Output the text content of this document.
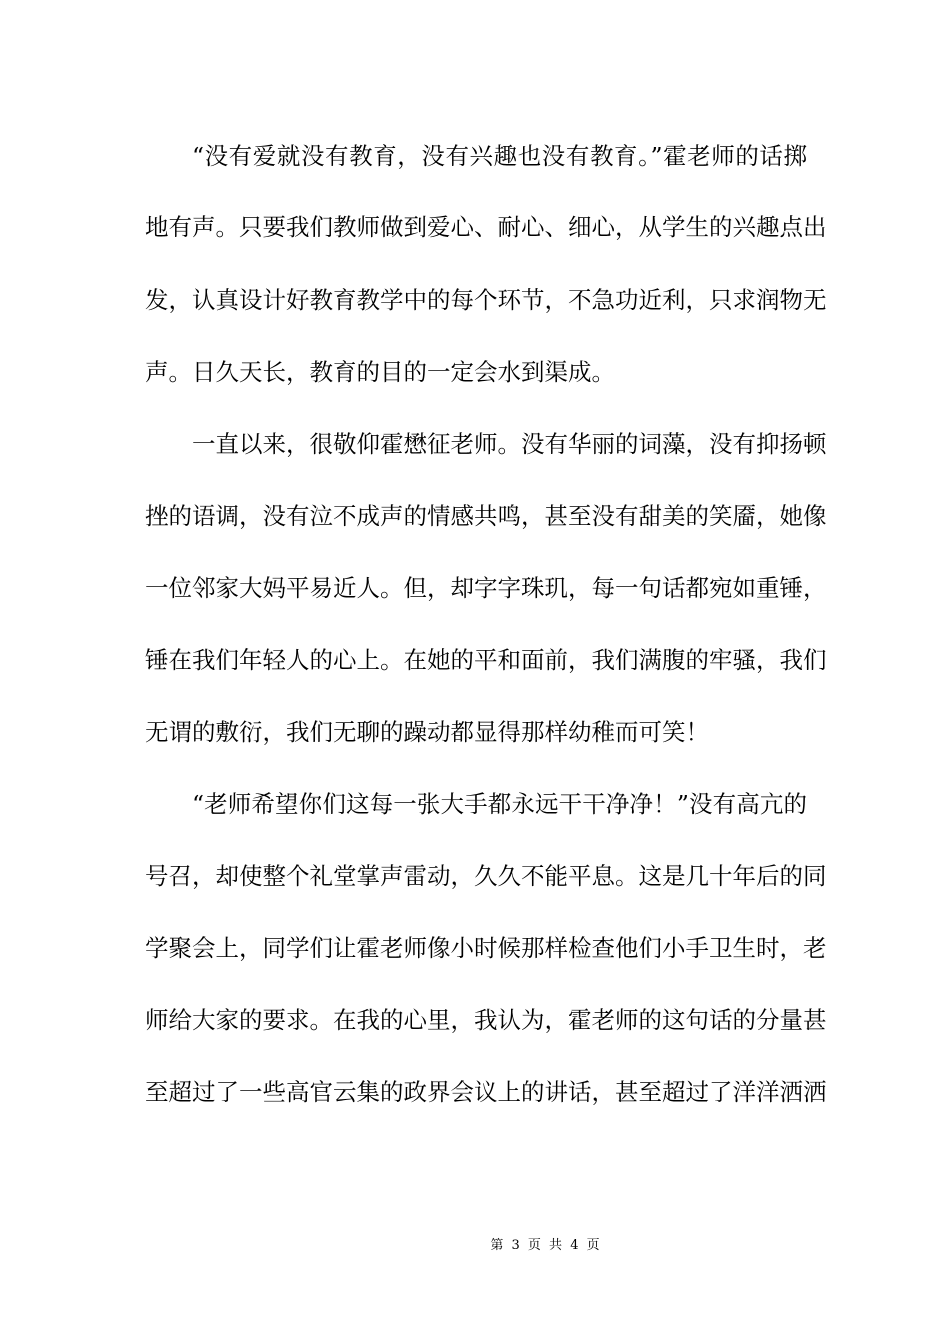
“没有爱就没有教育，没有兴趣也没有教育。”霍老师的话掷
地有声。只要我们教师做到爱心、耐心、细心，从学生的兴趣点出
发，认真设计好教育教学中的每个环节，不急功近利，只求润物无
声。日久天长，教育的目的一定会水到渠成。
一直以来，很敬仰霍懋征老师。没有华丽的词藻，没有抑扬顿
挫的语调，没有泣不成声的情感共鸣，甚至没有甜美的笑靥，她像
一位邻家大妈平易近人。但，却字字珠玑，每一句话都宛如重锤，
锤在我们年轻人的心上。在她的平和面前，我们满腹的牢骚，我们
无谓的敷衍，我们无聊的躁动都显得那样幼稚而可笑！
“老师希望你们这每一张大手都永远干干净净！”没有高亢的
号召，却使整个礼堂掌声雷动，久久不能平息。这是几十年后的同
学聚会上，同学们让霍老师像小时候那样检查他们小手卫生时，老
师给大家的要求。在我的心里，我认为，霍老师的这句话的分量甚
至超过了一些高官云集的政界会议上的讲话，甚至超过了洋洋洒洒
第 3 页 共 4 页
